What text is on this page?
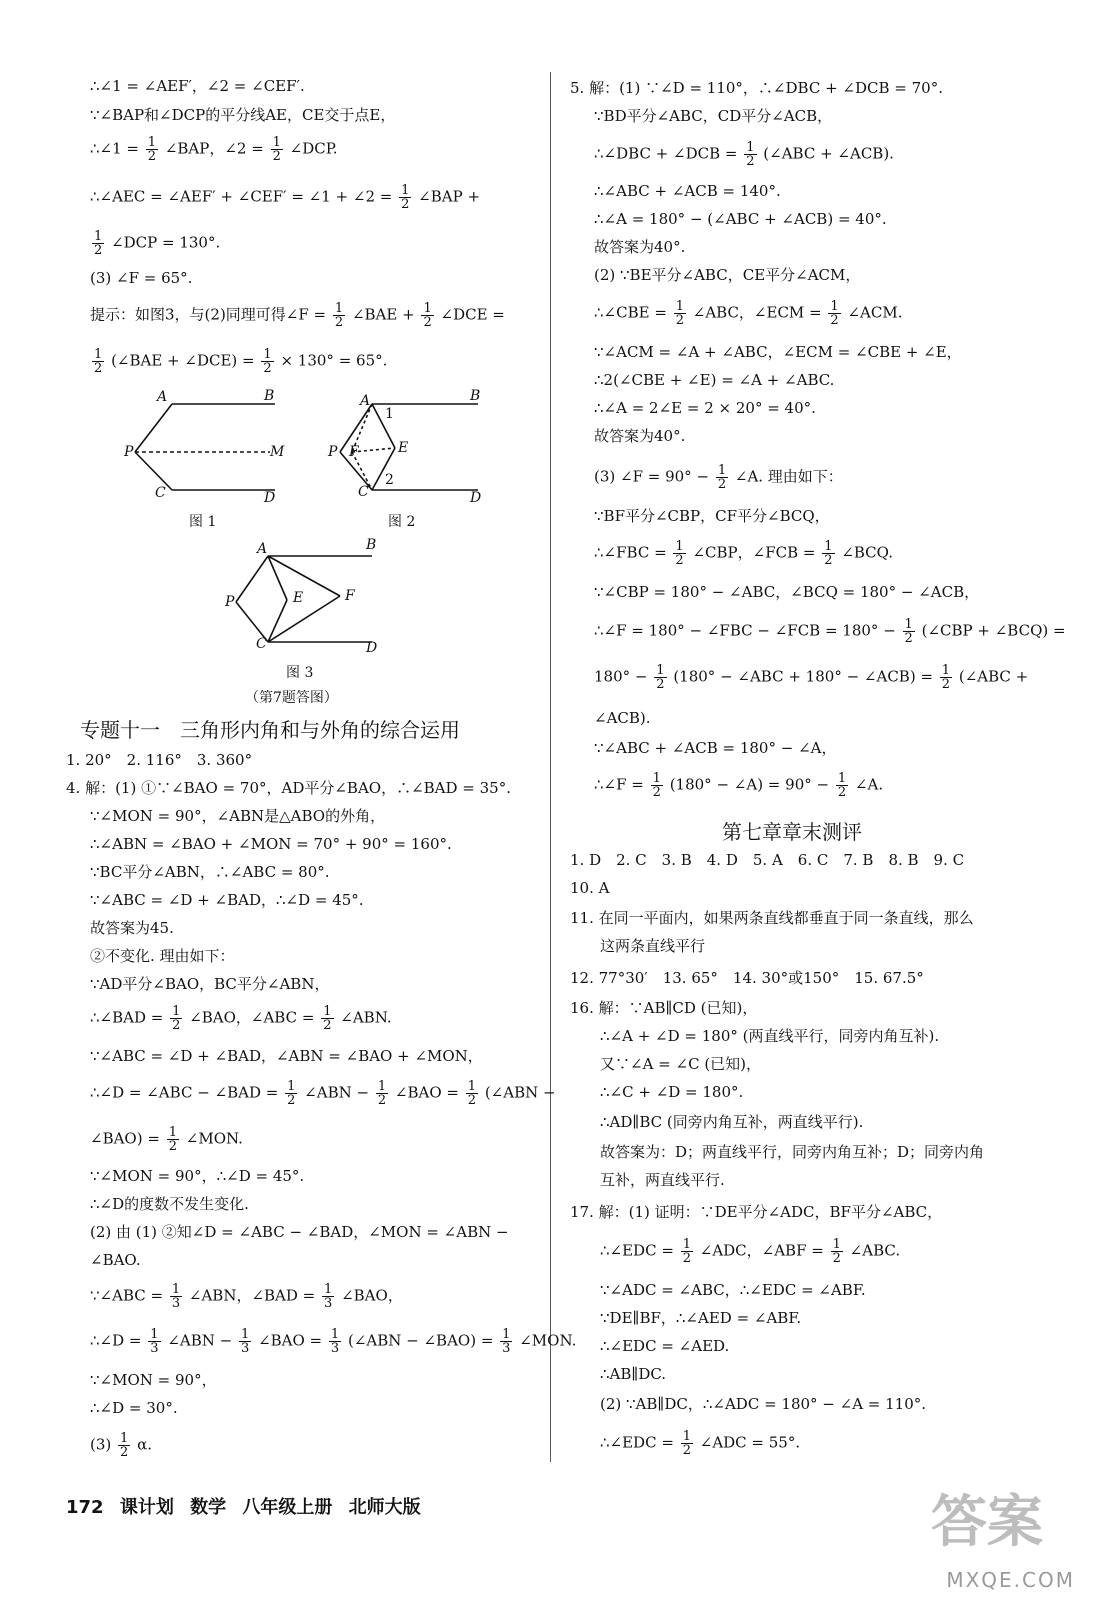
∴∠1 = ∠AEF′，∠2 = ∠CEF′.
∵∠BAP和∠DCP的平分线AE，CE交于点E，
∴∠1 = $\frac{1}{2}$ ∠BAP，∠2 = $\frac{1}{2}$ ∠DCP.
∴∠AEC = ∠AEF′ + ∠CEF′ = ∠1 + ∠2 = $\frac{1}{2}$ ∠BAP +
$\frac{1}{2}$ ∠DCP = 130°.
(3) ∠F = 65°.
提示：如图3，与(2)同理可得∠F = $\frac{1}{2}$ ∠BAE + $\frac{1}{2}$ ∠DCE =
$\frac{1}{2}$ (∠BAE + ∠DCE) = $\frac{1}{2} \times 130^\circ = 65^\circ$.
A	B
P	M
C	D
图 1
A	B
1
P F	E
2
C	D
图 2
A	B
P	E	F
C	D
图 3
（第7题答图）
专题十一　三角形内角和与外角的综合运用
1. 20°　2. 116°　3. 360°
4. 解：(1) ①∵∠BAO = 70°，AD平分∠BAO，∴∠BAD = 35°.
∵∠MON = 90°，∠ABN是△ABO的外角，
∴∠ABN = ∠BAO + ∠MON = 70° + 90° = 160°.
∵BC平分∠ABN，∴∠ABC = 80°.
∵∠ABC = ∠D + ∠BAD，∴∠D = 45°.
故答案为45.
②不变化. 理由如下：
∵AD平分∠BAO，BC平分∠ABN，
∴∠BAD = $\frac{1}{2}$ ∠BAO，∠ABC = $\frac{1}{2}$ ∠ABN.
∵∠ABC = ∠D + ∠BAD，∠ABN = ∠BAO + ∠MON，
∴∠D = ∠ABC − ∠BAD = $\frac{1}{2}$ ∠ABN − $\frac{1}{2}$ ∠BAO = $\frac{1}{2}$ (∠ABN −
∠BAO) = $\frac{1}{2}$ ∠MON.
∵∠MON = 90°，∴∠D = 45°.
∴∠D的度数不发生变化.
(2) 由 (1) ②知∠D = ∠ABC − ∠BAD，∠MON = ∠ABN −
∠BAO.
∵∠ABC = $\frac{1}{3}$ ∠ABN，∠BAD = $\frac{1}{3}$ ∠BAO，
∴∠D = $\frac{1}{3}$ ∠ABN − $\frac{1}{3}$ ∠BAO = $\frac{1}{3}$ (∠ABN − ∠BAO) = $\frac{1}{3}$ ∠MON.
∵∠MON = 90°，
∴∠D = 30°.
$(3) \frac{1}{2} \alpha$.
5. 解：(1) ∵∠D = 110°，∴∠DBC + ∠DCB = 70°.
∵BD平分∠ABC，CD平分∠ACB，
∴∠DBC + ∠DCB = $\frac{1}{2}$ (∠ABC + ∠ACB).
∴∠ABC + ∠ACB = 140°.
∴∠A = 180° − (∠ABC + ∠ACB) = 40°.
故答案为40°.
(2) ∵BE平分∠ABC，CE平分∠ACM，
∴∠CBE = $\frac{1}{2}$ ∠ABC，∠ECM = $\frac{1}{2}$ ∠ACM.
∵∠ACM = ∠A + ∠ABC，∠ECM = ∠CBE + ∠E，
∴2(∠CBE + ∠E) = ∠A + ∠ABC.
∴∠A = 2∠E = 2 × 20° = 40°.
故答案为40°.
(3) ∠F = $90^\circ - \frac{1}{2}$ ∠A. 理由如下：
∵BF平分∠CBP，CF平分∠BCQ，
∴∠FBC = $\frac{1}{2}$ ∠CBP，∠FCB = $\frac{1}{2}$ ∠BCQ.
∵∠CBP = 180° − ∠ABC，∠BCQ = 180° − ∠ACB，
∴∠F = 180° − ∠FBC − ∠FCB = $180^\circ - \frac{1}{2}$ (∠CBP + ∠BCQ) =
$180^\circ - \frac{1}{2} (180^\circ$ − ∠ABC + 180° − ∠ACB) = $\frac{1}{2}$ (∠ABC +
∠ACB).
∵∠ABC + ∠ACB = 180° − ∠A，
∴∠F = $\frac{1}{2} (180^\circ$ − ∠A) = $90^\circ - \frac{1}{2}$ ∠A.
第七章章末测评
1. D　2. C　3. B　4. D　5. A　6. C　7. B　8. B　9. C
10. A
11. 在同一平面内，如果两条直线都垂直于同一条直线，那么
这两条直线平行
12. 77°30′　13. 65°　14. 30°或150°　15. 67.5°
16. 解：∵AB∥CD (已知)，
∴∠A + ∠D = 180° (两直线平行，同旁内角互补).
又∵∠A = ∠C (已知)，
∴∠C + ∠D = 180°.
∴AD∥BC (同旁内角互补，两直线平行).
故答案为：D；两直线平行，同旁内角互补；D；同旁内角
互补，两直线平行.
17. 解：(1) 证明：∵DE平分∠ADC，BF平分∠ABC，
∴∠EDC = $\frac{1}{2}$ ∠ADC，∠ABF = $\frac{1}{2}$ ∠ABC.
∵∠ADC = ∠ABC，∴∠EDC = ∠ABF.
∵DE∥BF，∴∠AED = ∠ABF.
∴∠EDC = ∠AED.
∴AB∥DC.
(2) ∵AB∥DC，∴∠ADC = 180° − ∠A = 110°.
∴∠EDC = $\frac{1}{2}$ ∠ADC = 55°.
172 课计划 数学 八年级上册 北师大版	答案
MXQE.COM
